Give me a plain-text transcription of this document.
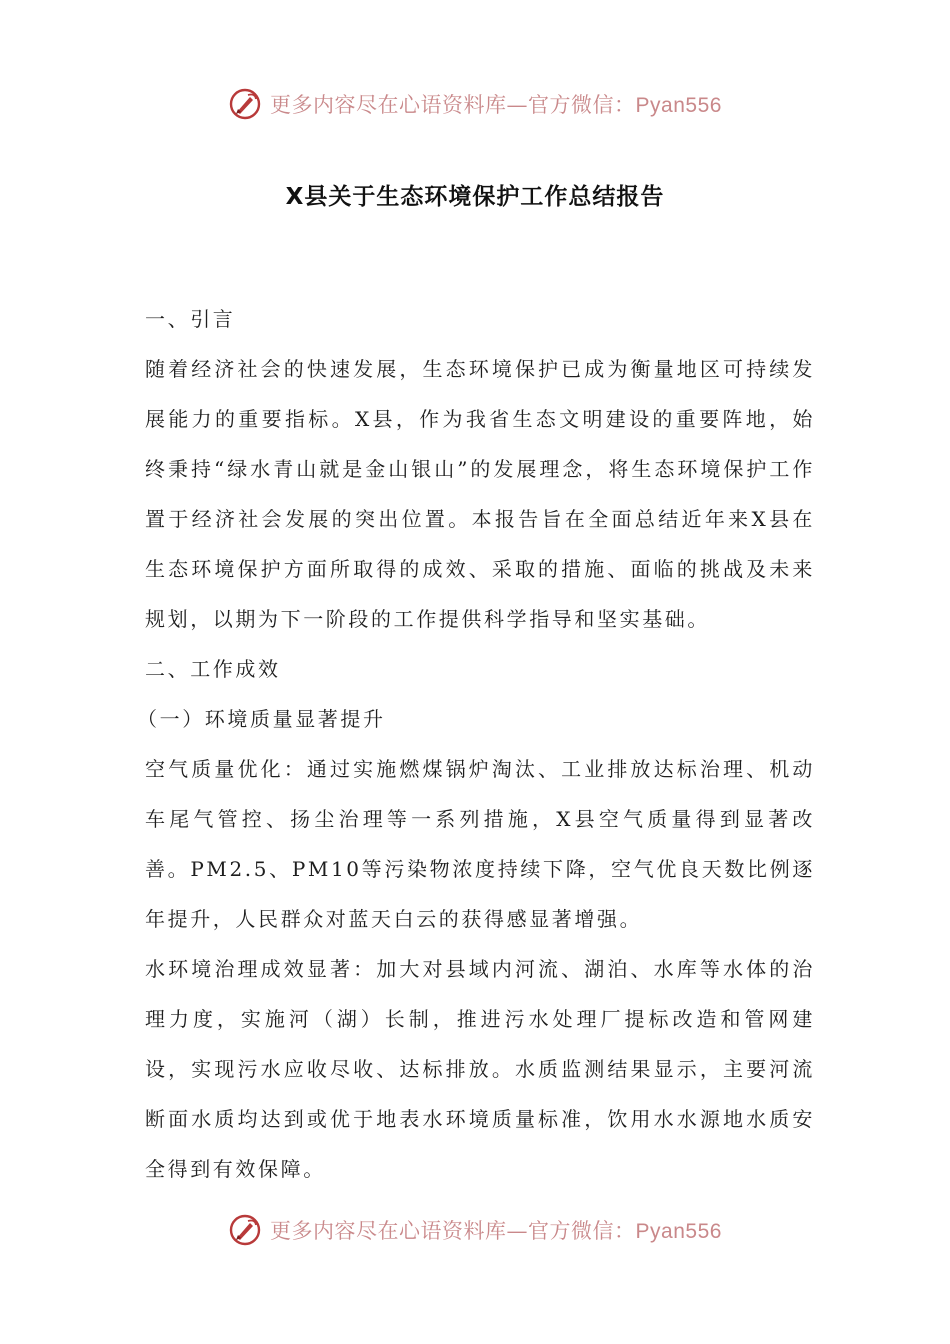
更多内容尽在心语资料库—官方微信：Pyan556
X县关于生态环境保护工作总结报告

一、引言

随着经济社会的快速发展，生态环境保护已成为衡量地区可持续发展能力的重要指标。X县，作为我省生态文明建设的重要阵地，始终秉持“绿水青山就是金山银山”的发展理念，将生态环境保护工作置于经济社会发展的突出位置。本报告旨在全面总结近年来X县在生态环境保护方面所取得的成效、采取的措施、面临的挑战及未来规划，以期为下一阶段的工作提供科学指导和坚实基础。

二、工作成效

（一）环境质量显著提升

空气质量优化：通过实施燃煤锅炉淘汰、工业排放达标治理、机动车尾气管控、扬尘治理等一系列措施，X县空气质量得到显著改善。PM2.5、PM10等污染物浓度持续下降，空气优良天数比例逐年提升，人民群众对蓝天白云的获得感显著增强。

水环境治理成效显著：加大对县域内河流、湖泊、水库等水体的治理力度，实施河（湖）长制，推进污水处理厂提标改造和管网建设，实现污水应收尽收、达标排放。水质监测结果显示，主要河流断面水质均达到或优于地表水环境质量标准，饮用水水源地水质安全得到有效保障。

更多内容尽在心语资料库—官方微信：Pyan556
